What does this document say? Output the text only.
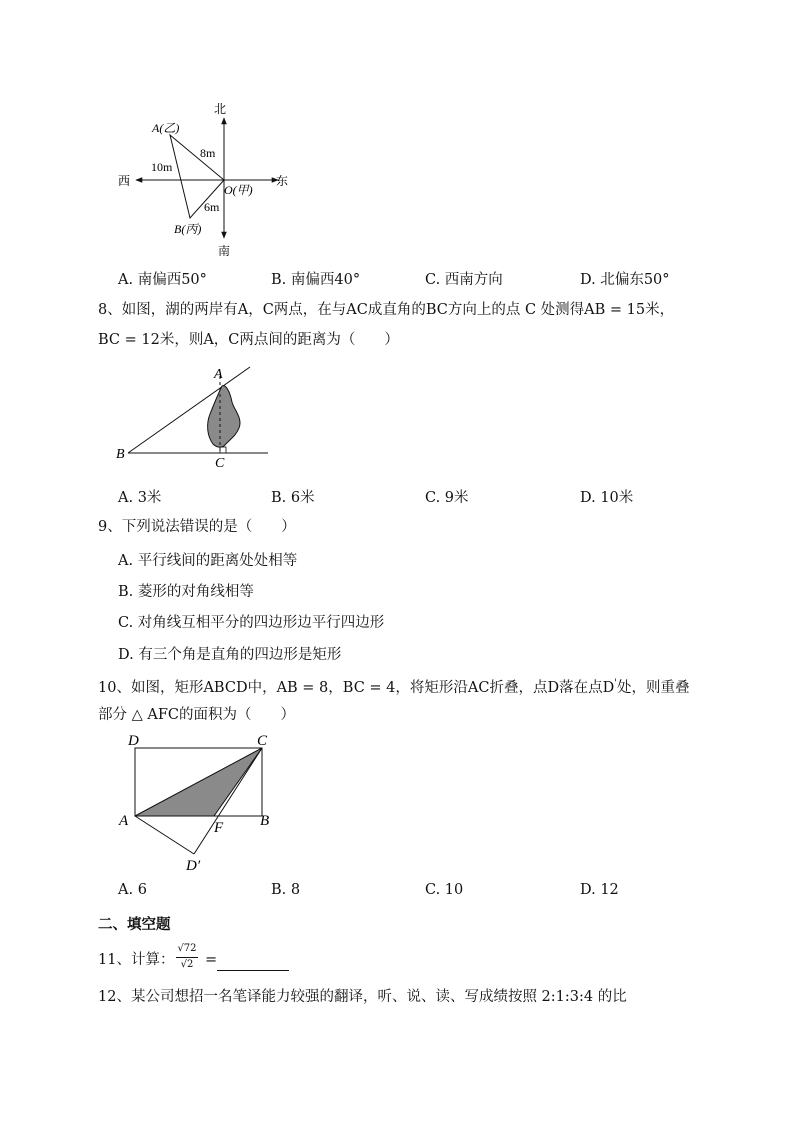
北
南
西	东
A(乙)
O(甲)
B(丙)
8m
10m
6m
A. 南偏西50°	B. 南偏西40°	C. 西南方向	D. 北偏东50°
8、如图，湖的两岸有A，C两点，在与AC成直角的BC方向上的点 C 处测得AB = 15米，
BC = 12米，则A，C两点间的距离为（　　）
A
B
C
A. 3米	B. 6米	C. 9米	D. 10米
9、下列说法错误的是（　　）
A. 平行线间的距离处处相等
B. 菱形的对角线相等
C. 对角线互相平分的四边形边平行四边形
D. 有三个角是直角的四边形是矩形
10、如图，矩形ABCD中，AB = 8，BC = 4，将矩形沿AC折叠，点D落在点D'处，则重叠
部分 △ AFC的面积为（　　）
D	C
A	B
F
D′
A. 6	B. 8	C. 10	D. 12
二、填空题
11、计算：
√72
√2 =
12、某公司想招一名笔译能力较强的翻译，听、说、读、写成绩按照 2:1:3:4 的比
